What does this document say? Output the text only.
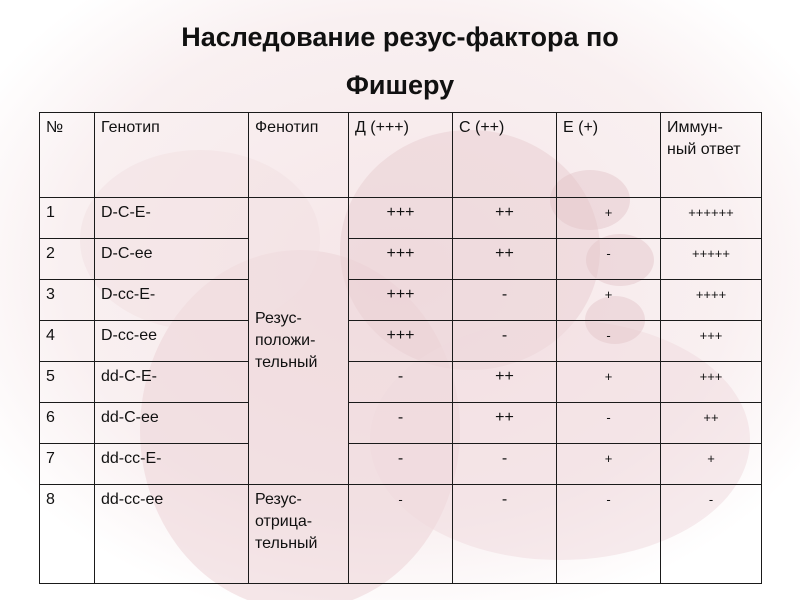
Наследование резус-фактора по
Фишеру
№	Генотип	Фенотип	Д (+++)	С (++)	Е (+)	Иммун-ный ответ
1	D-C-E-	Резус-положи-тельный	+++	++	+	++++++
2	D-C-ee		+++	++	-	+++++
3	D-cc-E-		+++	-	+	++++
4	D-cc-ee		+++	-	-	+++
5	dd-C-E-		-	++	+	+++
6	dd-C-ee		-	++	-	++
7	dd-cc-E-		-	-	+	+
8	dd-cc-ee	Резус-отрица-тельный	-	-	-	-
